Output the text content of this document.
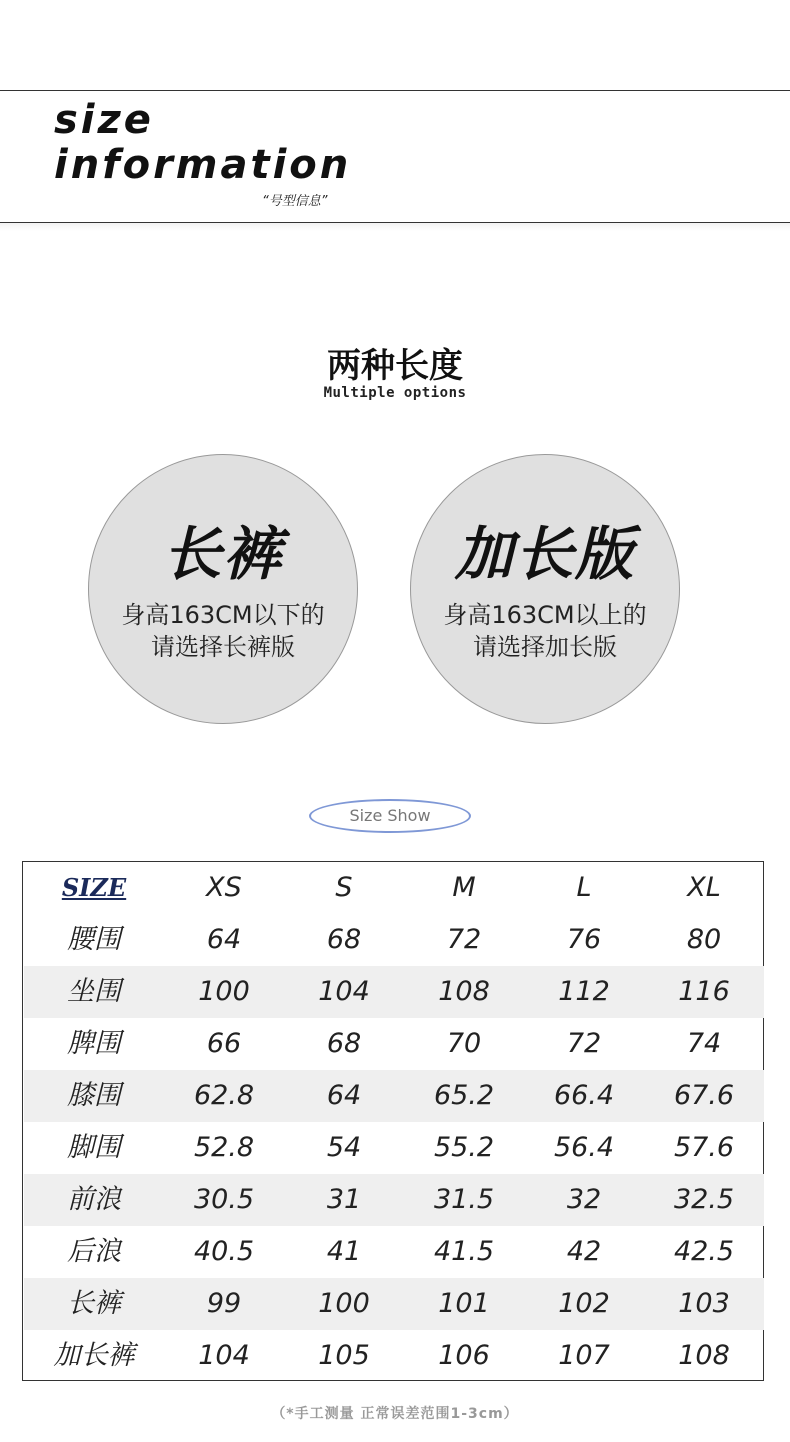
size
information
“号型信息”
两种长度
Multiple options
长裤
身高163CM以下的
请选择长裤版
加长版
身高163CM以上的
请选择加长版
Size Show
SIZE	XS	S	M	L	XL
腰围	64	68	72	76	80
坐围	100	104	108	112	116
脾围	66	68	70	72	74
膝围	62.8	64	65.2	66.4	67.6
脚围	52.8	54	55.2	56.4	57.6
前浪	30.5	31	31.5	32	32.5
后浪	40.5	41	41.5	42	42.5
长裤	99	100	101	102	103
加长裤	104	105	106	107	108
（*手工测量 正常误差范围1-3cm）
